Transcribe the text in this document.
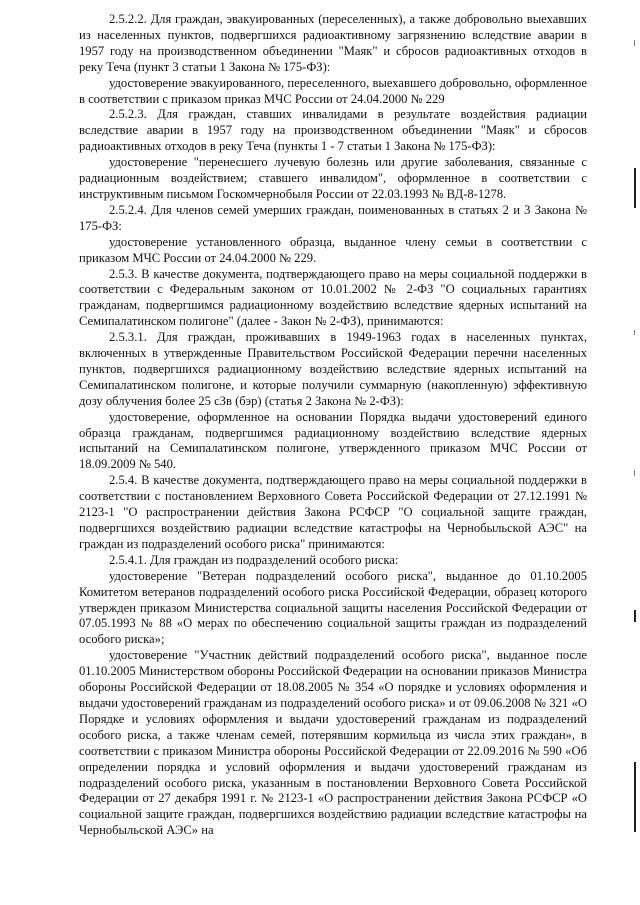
2.5.2.2. Для граждан, эвакуированных (переселенных), а также добровольно выехавших из населенных пунктов, подвергшихся радиоактивному загрязнению вследствие аварии в 1957 году на производственном объединении "Маяк" и сбросов радиоактивных отходов в реку Теча (пункт 3 статьи 1 Закона № 175-ФЗ):

удостоверение эвакуированного, переселенного, выехавшего добровольно, оформленное в соответствии с приказом приказ МЧС России от 24.04.2000 № 229

2.5.2.3. Для граждан, ставших инвалидами в результате воздействия радиации вследствие аварии в 1957 году на производственном объединении "Маяк" и сбросов радиоактивных отходов в реку Теча (пункты 1 - 7 статьи 1 Закона № 175-ФЗ):

удостоверение "перенесшего лучевую болезнь или другие заболевания, связанные с радиационным воздействием; ставшего инвалидом", оформленное в соответствии с инструктивным письмом Госкомчернобыля России от 22.03.1993 № ВД-8-1278.

2.5.2.4. Для членов семей умерших граждан, поименованных в статьях 2 и 3 Закона № 175-ФЗ:

удостоверение установленного образца, выданное члену семьи в соответствии с приказом МЧС России от 24.04.2000 № 229.

2.5.3. В качестве документа, подтверждающего право на меры социальной поддержки в соответствии с Федеральным законом от 10.01.2002 № 2-ФЗ "О социальных гарантиях гражданам, подвергшимся радиационному воздействию вследствие ядерных испытаний на Семипалатинском полигоне" (далее - Закон № 2-ФЗ), принимаются:

2.5.3.1. Для граждан, проживавших в 1949-1963 годах в населенных пунктах, включенных в утвержденные Правительством Российской Федерации перечни населенных пунктов, подвергшихся радиационному воздействию вследствие ядерных испытаний на Семипалатинском полигоне, и которые получили суммарную (накопленную) эффективную дозу облучения более 25 сЗв (бэр) (статья 2 Закона № 2-ФЗ):

удостоверение, оформленное на основании Порядка выдачи удостоверений единого образца гражданам, подвергшимся радиационному воздействию вследствие ядерных испытаний на Семипалатинском полигоне, утвержденного приказом МЧС России от 18.09.2009 № 540.

2.5.4. В качестве документа, подтверждающего право на меры социальной поддержки в соответствии с постановлением Верховного Совета Российской Федерации от 27.12.1991 № 2123-1 "О распространении действия Закона РСФСР "О социальной защите граждан, подвергшихся воздействию радиации вследствие катастрофы на Чернобыльской АЭС" на граждан из подразделений особого риска" принимаются:

2.5.4.1. Для граждан из подразделений особого риска:

удостоверение "Ветеран подразделений особого риска", выданное до 01.10.2005 Комитетом ветеранов подразделений особого риска Российской Федерации, образец которого утвержден приказом Министерства социальной защиты населения Российской Федерации от 07.05.1993 № 88 «О мерах по обеспечению социальной защиты граждан из подразделений особого риска»;

удостоверение "Участник действий подразделений особого риска", выданное после 01.10.2005 Министерством обороны Российской Федерации на основании приказов Министра обороны Российской Федерации от 18.08.2005 № 354 «О порядке и условиях оформления и выдачи удостоверений гражданам из подразделений особого риска» и от 09.06.2008 № 321 «О Порядке и условиях оформления и выдачи удостоверений гражданам из подразделений особого риска, а также членам семей, потерявшим кормильца из числа этих граждан», в соответствии с приказом Министра обороны Российской Федерации от 22.09.2016 № 590 «Об определении порядка и условий оформления и выдачи удостоверений гражданам из подразделений особого риска, указанным в постановлении Верховного Совета Российской Федерации от 27 декабря 1991 г. № 2123-1 «О распространении действия Закона РСФСР «О социальной защите граждан, подвергшихся воздействию радиации вследствие катастрофы на Чернобыльской АЭС» на
